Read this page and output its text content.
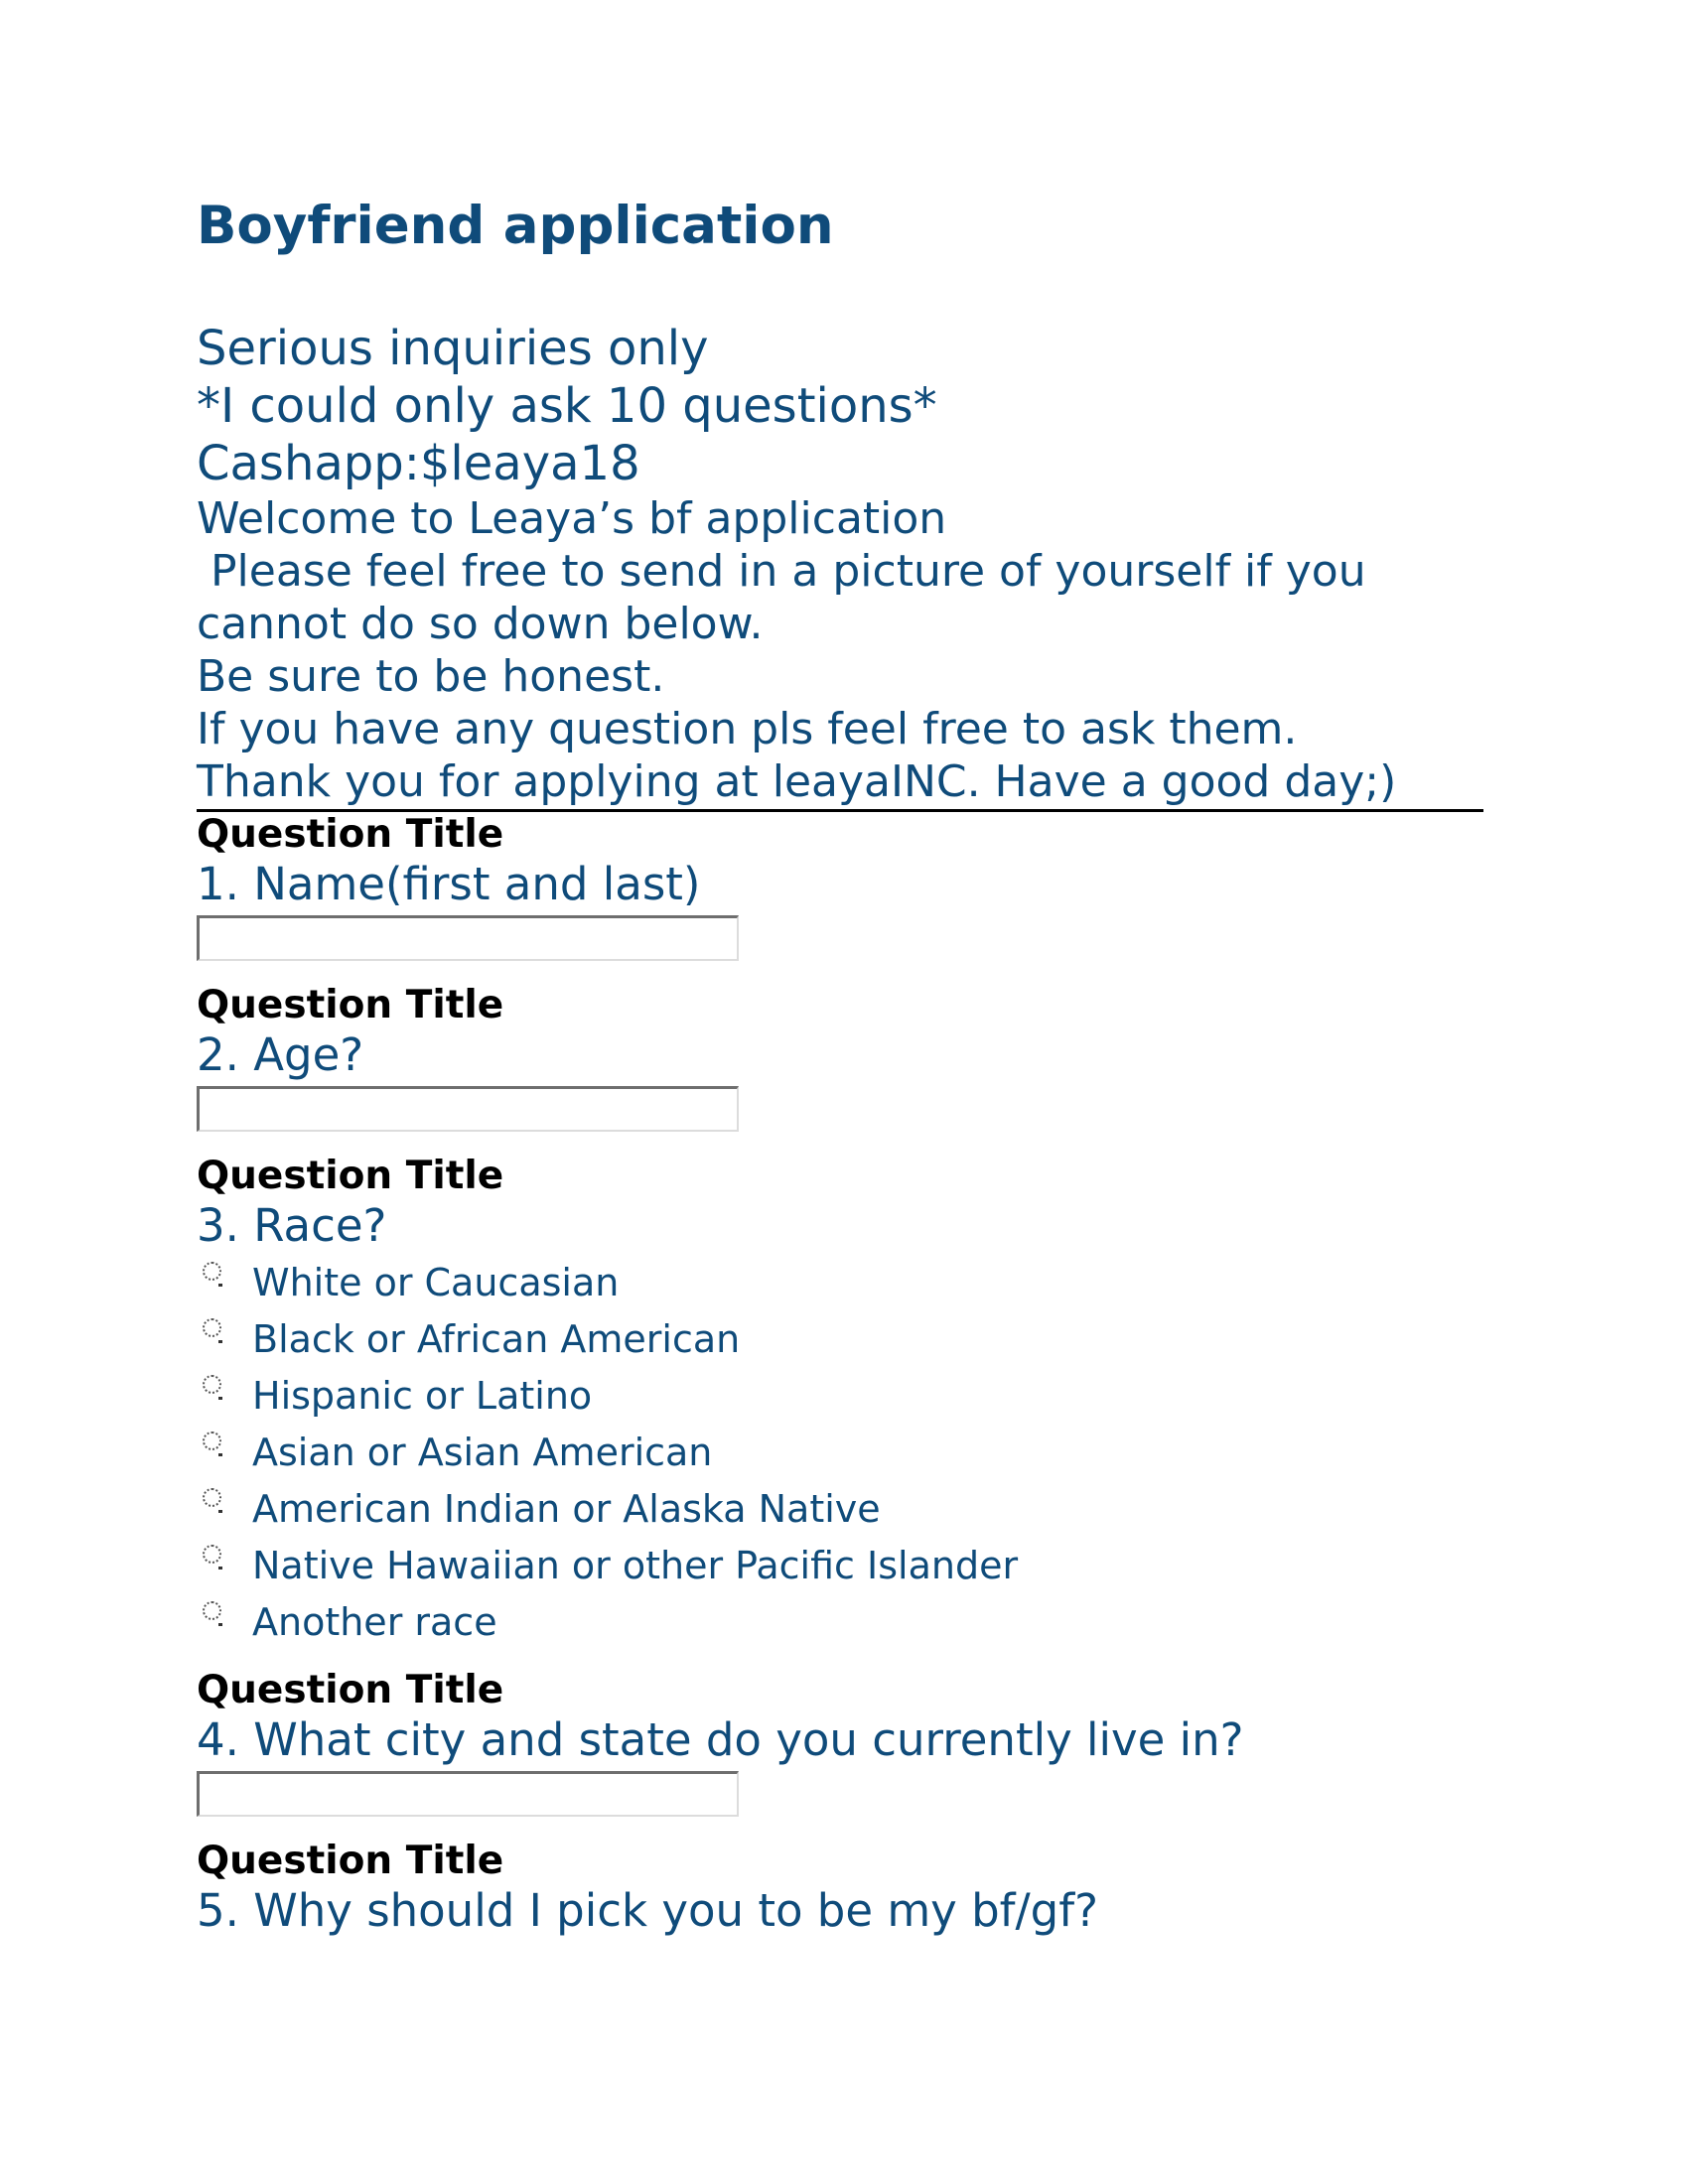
Boyfriend application
Serious inquiries only
*I could only ask 10 questions*
Cashapp:$leaya18
Welcome to Leaya’s bf application
Please feel free to send in a picture of yourself if you
cannot do so down below.
Be sure to be honest.
If you have any question pls feel free to ask them.
Thank you for applying at leayaINC. Have a good day;)
Question Title
1. Name(first and last)
Question Title
2. Age?
Question Title
3. Race?
White or Caucasian
Black or African American
Hispanic or Latino
Asian or Asian American
American Indian or Alaska Native
Native Hawaiian or other Pacific Islander
Another race
Question Title
4. What city and state do you currently live in?
Question Title
5. Why should I pick you to be my bf/gf?
